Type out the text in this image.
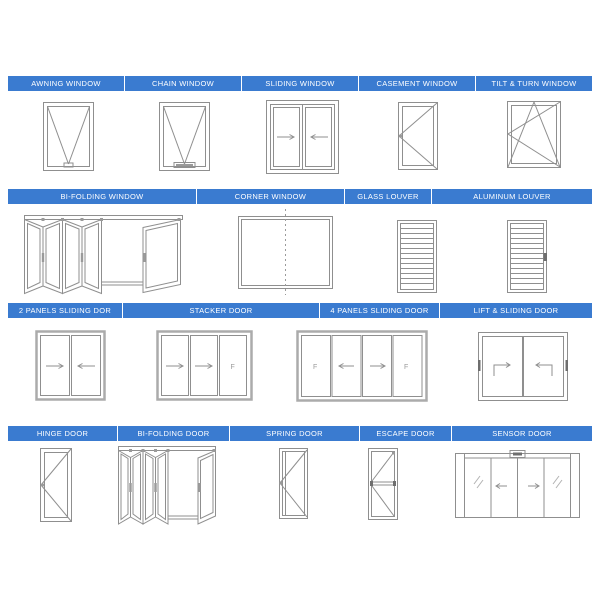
AWNING WINDOW	CHAIN WINDOW	SLIDING WINDOW	CASEMENT WINDOW	TILT & TURN WINDOW
BI-FOLDING WINDOW	CORNER WINDOW	GLASS LOUVER	ALUMINUM LOUVER
2 PANELS SLIDING DOR	STACKER DOOR	4 PANELS SLIDING DOOR	LIFT & SLIDING DOOR
F	F	F
HINGE DOOR	BI-FOLDING DOOR	SPRING DOOR	ESCAPE DOOR	SENSOR DOOR
